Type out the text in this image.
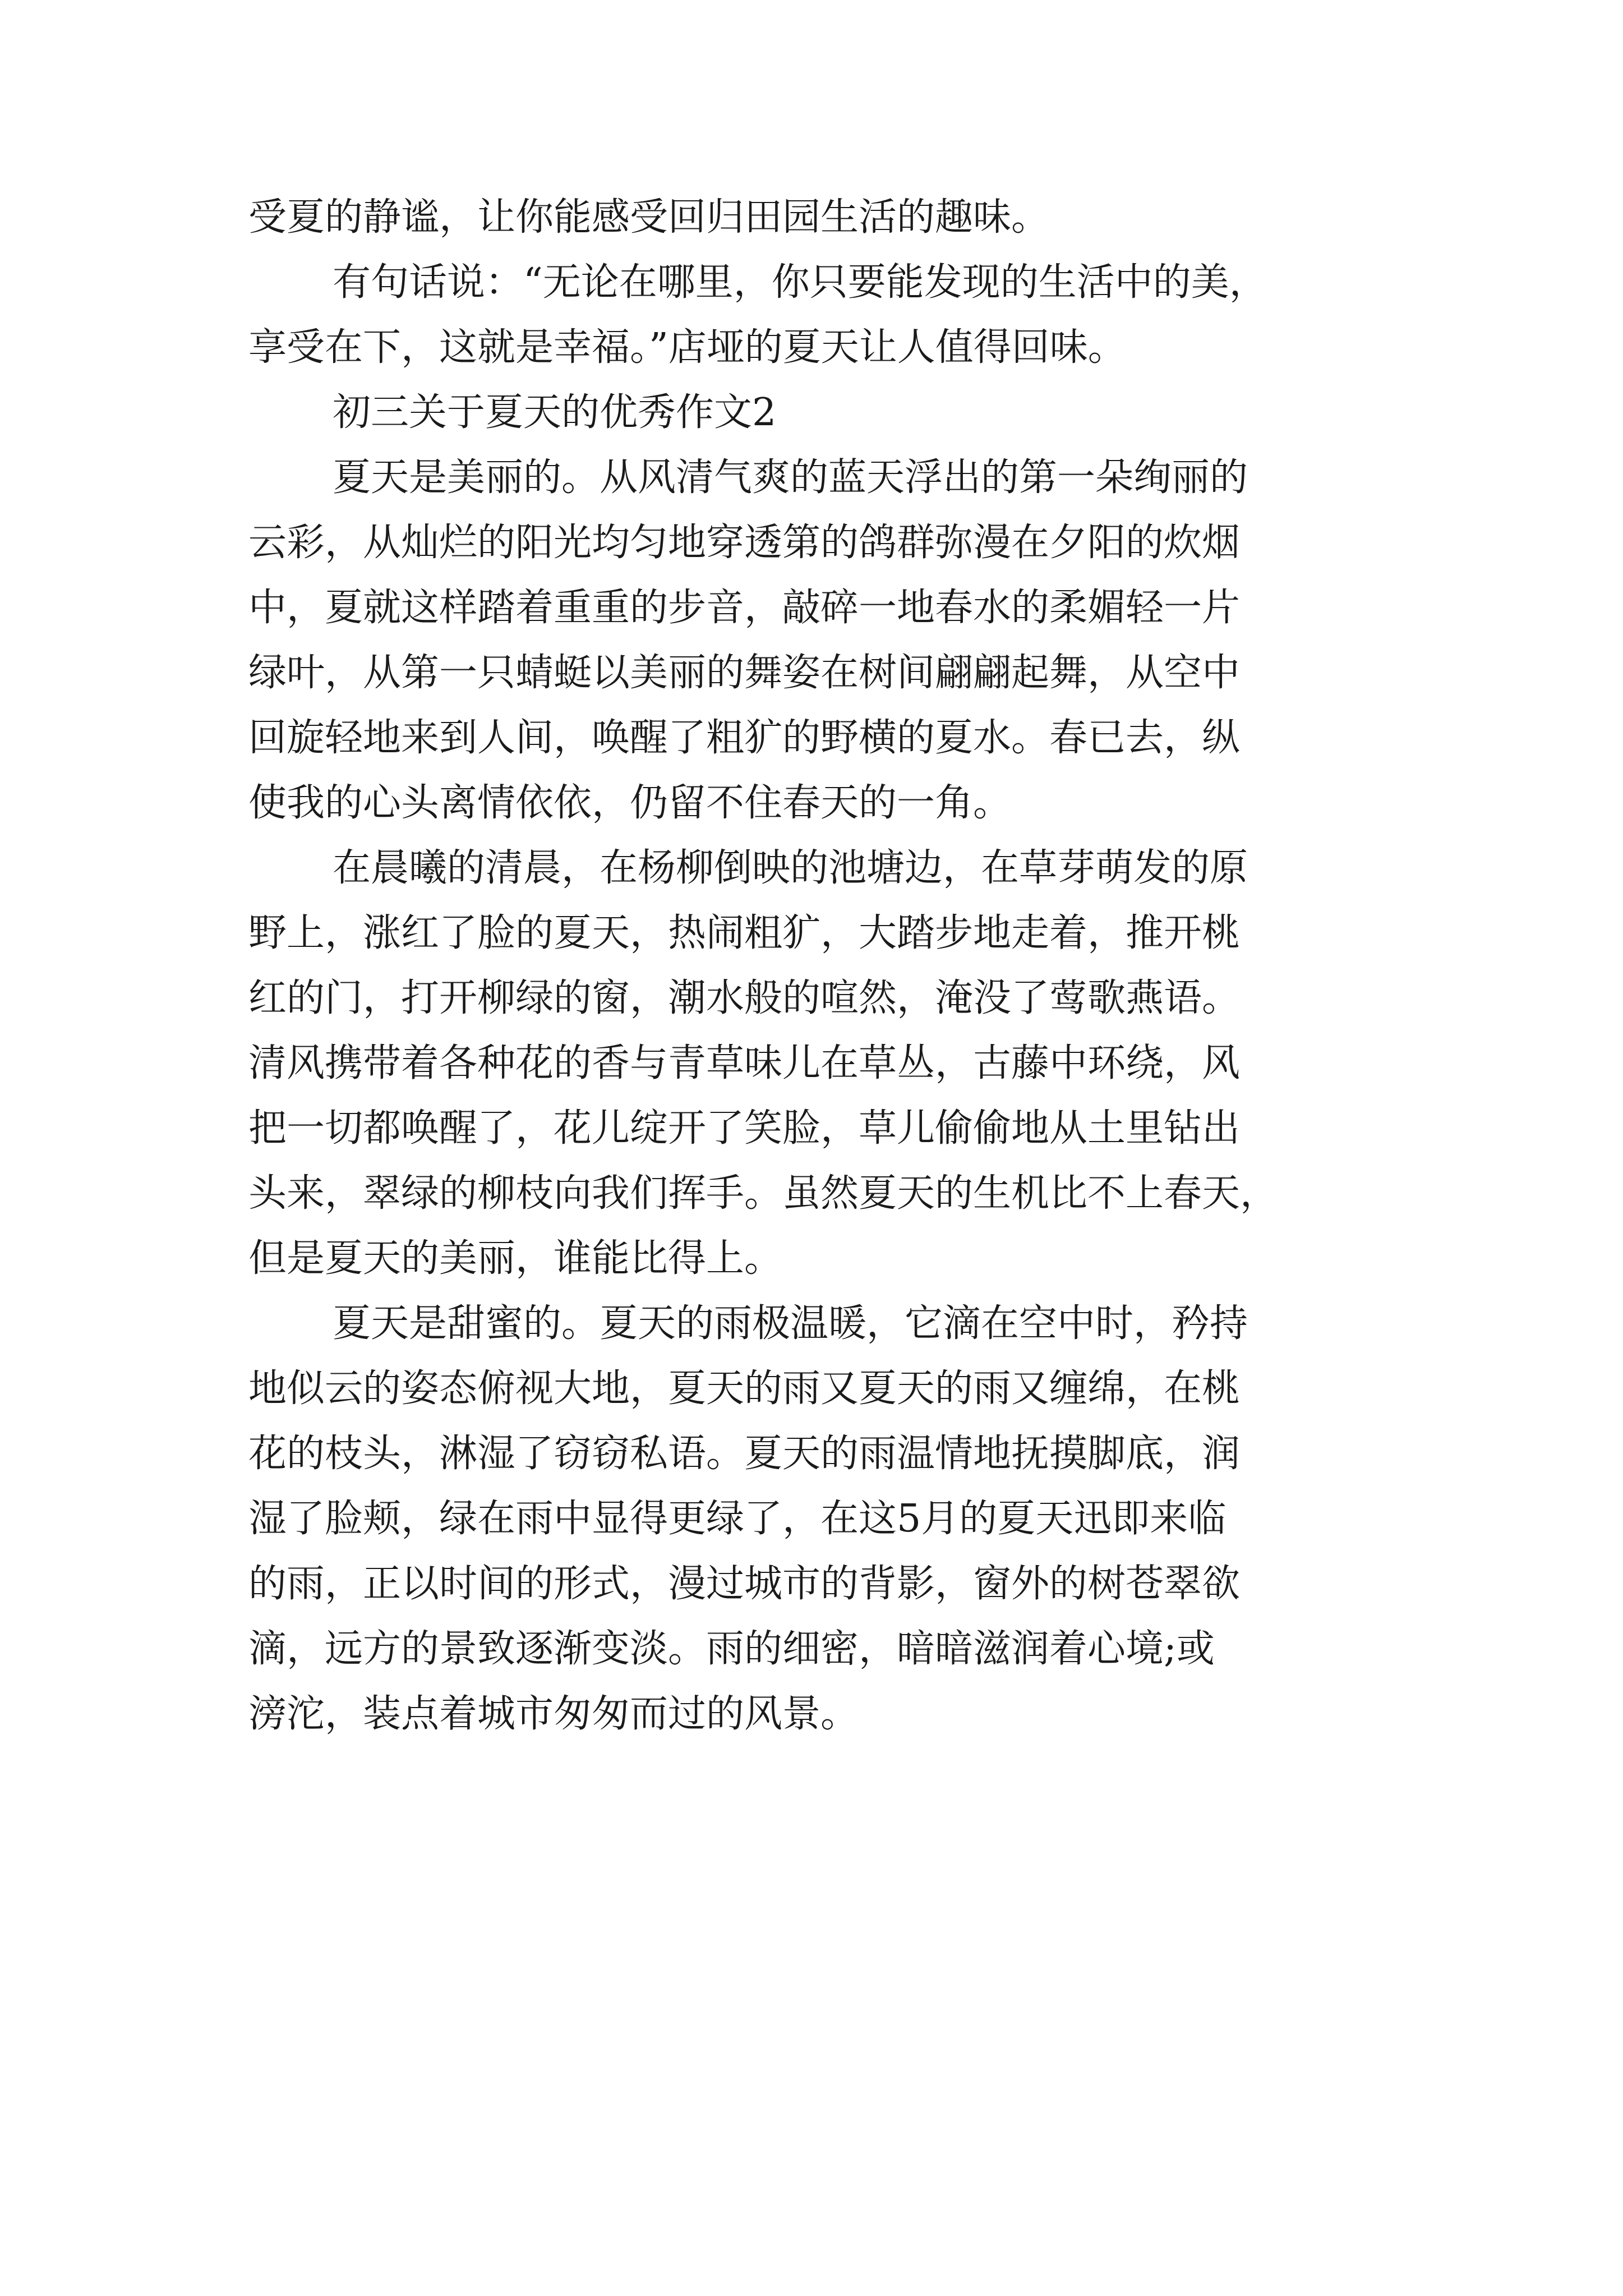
受夏的静谧，让你能感受回归田园生活的趣味。
有句话说：“无论在哪里，你只要能发现的生活中的美，
享受在下，这就是幸福。”店垭的夏天让人值得回味。
初三关于夏天的优秀作文2
夏天是美丽的。从风清气爽的蓝天浮出的第一朵绚丽的
云彩，从灿烂的阳光均匀地穿透第的鸽群弥漫在夕阳的炊烟
中，夏就这样踏着重重的步音，敲碎一地春水的柔媚轻一片
绿叶，从第一只蜻蜓以美丽的舞姿在树间翩翩起舞，从空中
回旋轻地来到人间，唤醒了粗犷的野横的夏水。春已去，纵
使我的心头离情依依，仍留不住春天的一角。
在晨曦的清晨，在杨柳倒映的池塘边，在草芽萌发的原
野上，涨红了脸的夏天，热闹粗犷，大踏步地走着，推开桃
红的门，打开柳绿的窗，潮水般的喧然，淹没了莺歌燕语。
清风携带着各种花的香与青草味儿在草丛，古藤中环绕，风
把一切都唤醒了，花儿绽开了笑脸，草儿偷偷地从土里钻出
头来，翠绿的柳枝向我们挥手。虽然夏天的生机比不上春天，
但是夏天的美丽，谁能比得上。
夏天是甜蜜的。夏天的雨极温暖，它滴在空中时，矜持
地似云的姿态俯视大地，夏天的雨又夏天的雨又缠绵，在桃
花的枝头，淋湿了窃窃私语。夏天的雨温情地抚摸脚底，润
湿了脸颊，绿在雨中显得更绿了，在这5月的夏天迅即来临
的雨，正以时间的形式，漫过城市的背影，窗外的树苍翠欲
滴，远方的景致逐渐变淡。雨的细密，暗暗滋润着心境;或
滂沱，装点着城市匆匆而过的风景。
